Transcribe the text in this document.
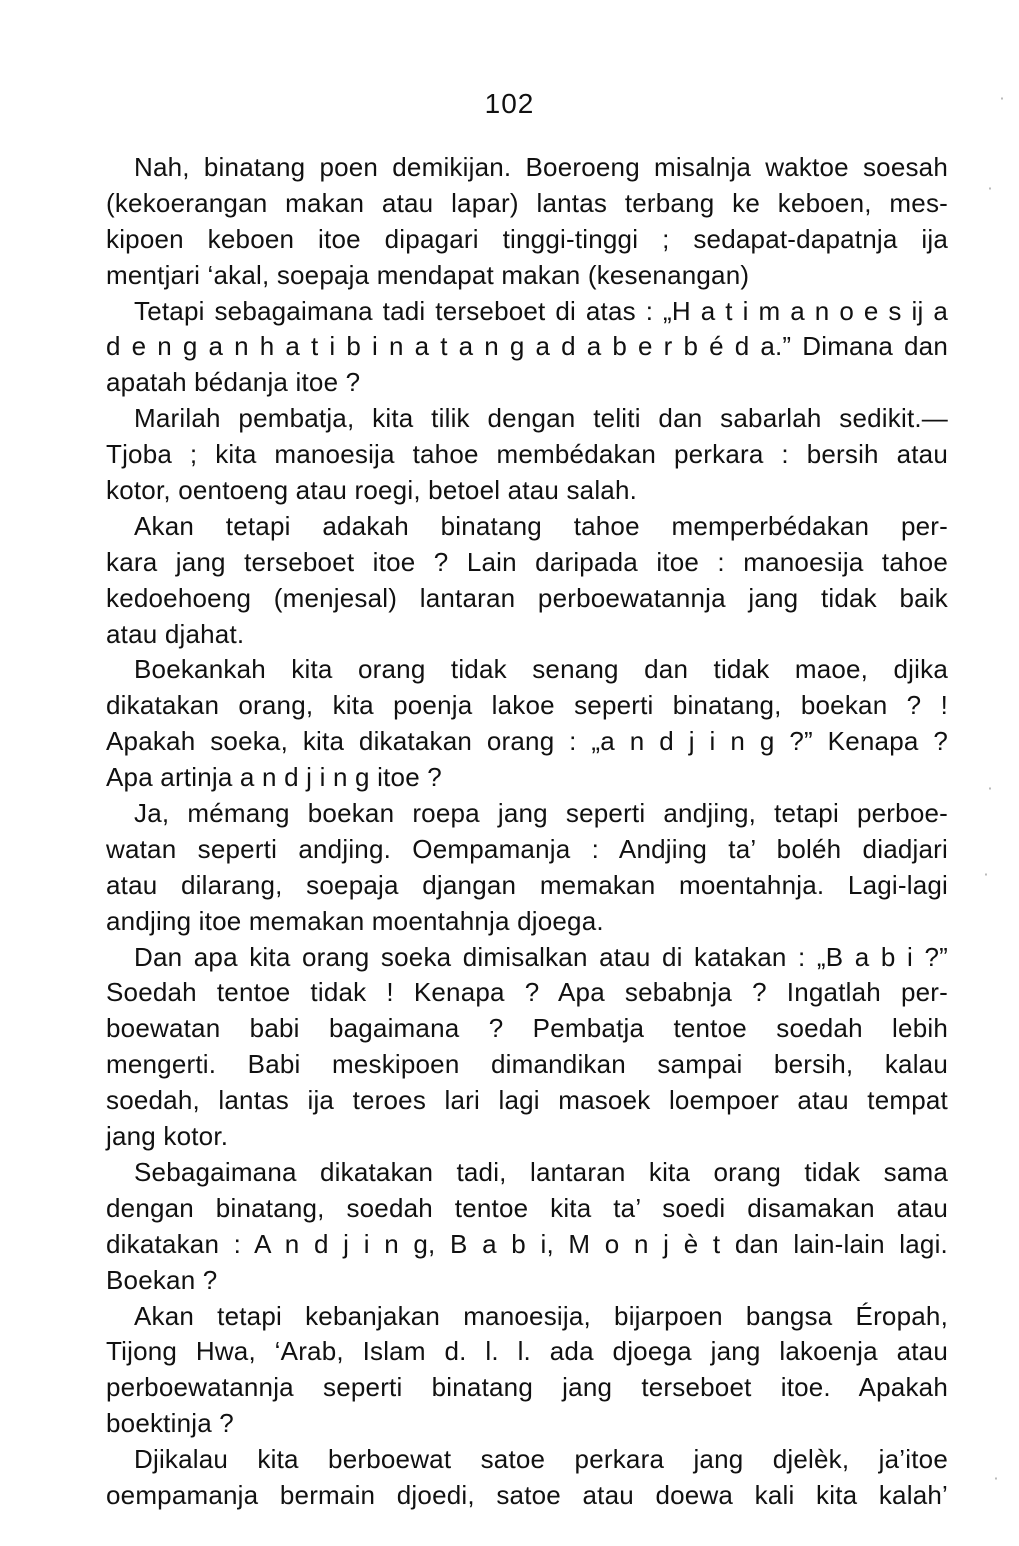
102
Nah, binatang poen demikijan. Boeroeng misalnja waktoe soesah
(kekoerangan makan atau lapar) lantas terbang ke keboen, mes-
kipoen keboen itoe dipagari tinggi-tinggi ; sedapat-dapatnja ija
mentjari ‘akal, soepaja mendapat makan (kesenangan)
Tetapi sebagaimana tadi terseboet di atas : „H a t i m a n o e s ij a
d e n g a n h a t i b i n a t a n g a d a b e r b é d a.” Dimana dan
apatah bédanja itoe ?
Marilah pembatja, kita tilik dengan teliti dan sabarlah sedikit.—
Tjoba ; kita manoesija tahoe membédakan perkara : bersih atau
kotor, oentoeng atau roegi, betoel atau salah.
Akan tetapi adakah binatang tahoe memperbédakan per-
kara jang terseboet itoe ? Lain daripada itoe : manoesija tahoe
kedoehoeng (menjesal) lantaran perboewatannja jang tidak baik
atau djahat.
Boekankah kita orang tidak senang dan tidak maoe, djika
dikatakan orang, kita poenja lakoe seperti binatang, boekan ? !
Apakah soeka, kita dikatakan orang : „a n d j i n g ?” Kenapa ?
Apa artinja a n d j i n g itoe ?
Ja, mémang boekan roepa jang seperti andjing, tetapi perboe-
watan seperti andjing. Oempamanja : Andjing ta’ boléh diadjari
atau dilarang, soepaja djangan memakan moentahnja. Lagi-lagi
andjing itoe memakan moentahnja djoega.
Dan apa kita orang soeka dimisalkan atau di katakan : „B a b i ?”
Soedah tentoe tidak ! Kenapa ? Apa sebabnja ? Ingatlah per-
boewatan babi bagaimana ? Pembatja tentoe soedah lebih
mengerti. Babi meskipoen dimandikan sampai bersih, kalau
soedah, lantas ija teroes lari lagi masoek loempoer atau tempat
jang kotor.
Sebagaimana dikatakan tadi, lantaran kita orang tidak sama
dengan binatang, soedah tentoe kita ta’ soedi disamakan atau
dikatakan : A n d j i n g, B a b i, M o n j è t dan lain-lain lagi.
Boekan ?
Akan tetapi kebanjakan manoesija, bijarpoen bangsa Éropah,
Tijong Hwa, ‘Arab, Islam d. l. l. ada djoega jang lakoenja atau
perboewatannja seperti binatang jang terseboet itoe. Apakah
boektinja ?
Djikalau kita berboewat satoe perkara jang djelèk, ja’itoe
oempamanja bermain djoedi, satoe atau doewa kali kita kalah’
ˌ
ˌ
ˌ
ˌ
ˌ
